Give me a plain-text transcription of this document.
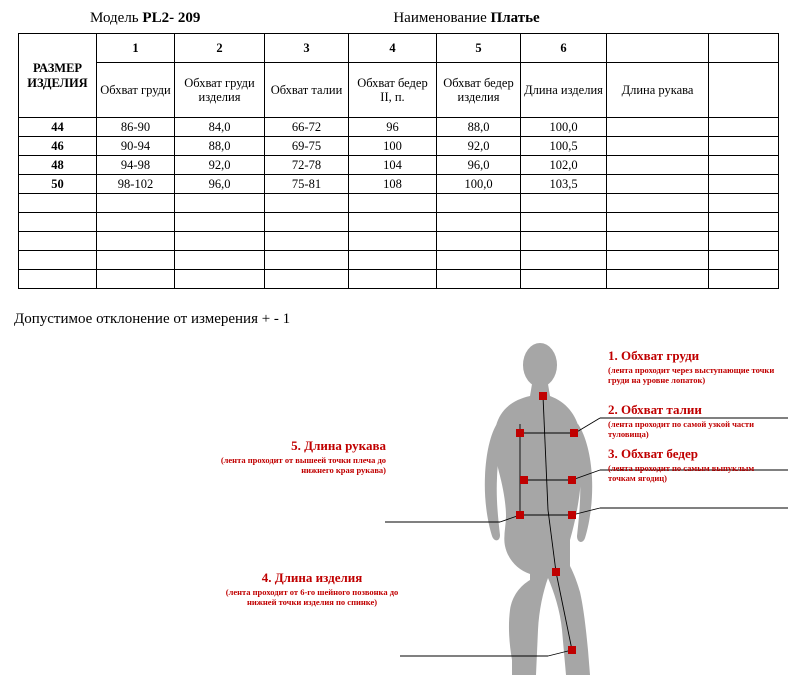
Модель PL2- 209	Наименование Платье
РАЗМЕР ИЗДЕЛИЯ	1	2	3	4	5	6		
	Обхват груди	Обхват груди изделия	Обхват талии	Обхват бедер II, п.	Обхват бедер изделия	Длина изделия	Длина рукава	
44	86-90	84,0	66-72	96	88,0	100,0		
46	90-94	88,0	69-75	100	92,0	100,5		
48	94-98	92,0	72-78	104	96,0	102,0		
50	98-102	96,0	75-81	108	100,0	103,5		

Допустимое отклонение от измерения + - 1
1. Обхват груди
(лента проходит через выступающие точки груди на уровне лопаток)
2. Обхват талии
(лента проходит по самой узкой части туловища)
3. Обхват бедер
(лента проходит по самым выпуклым точкам ягодиц)
5. Длина рукава
(лента проходит от вышеей точки плеча до нижнего края рукава)
4. Длина изделия
(лента проходит от 6-го шейного позвонка до нижней точки изделия по спинке)
